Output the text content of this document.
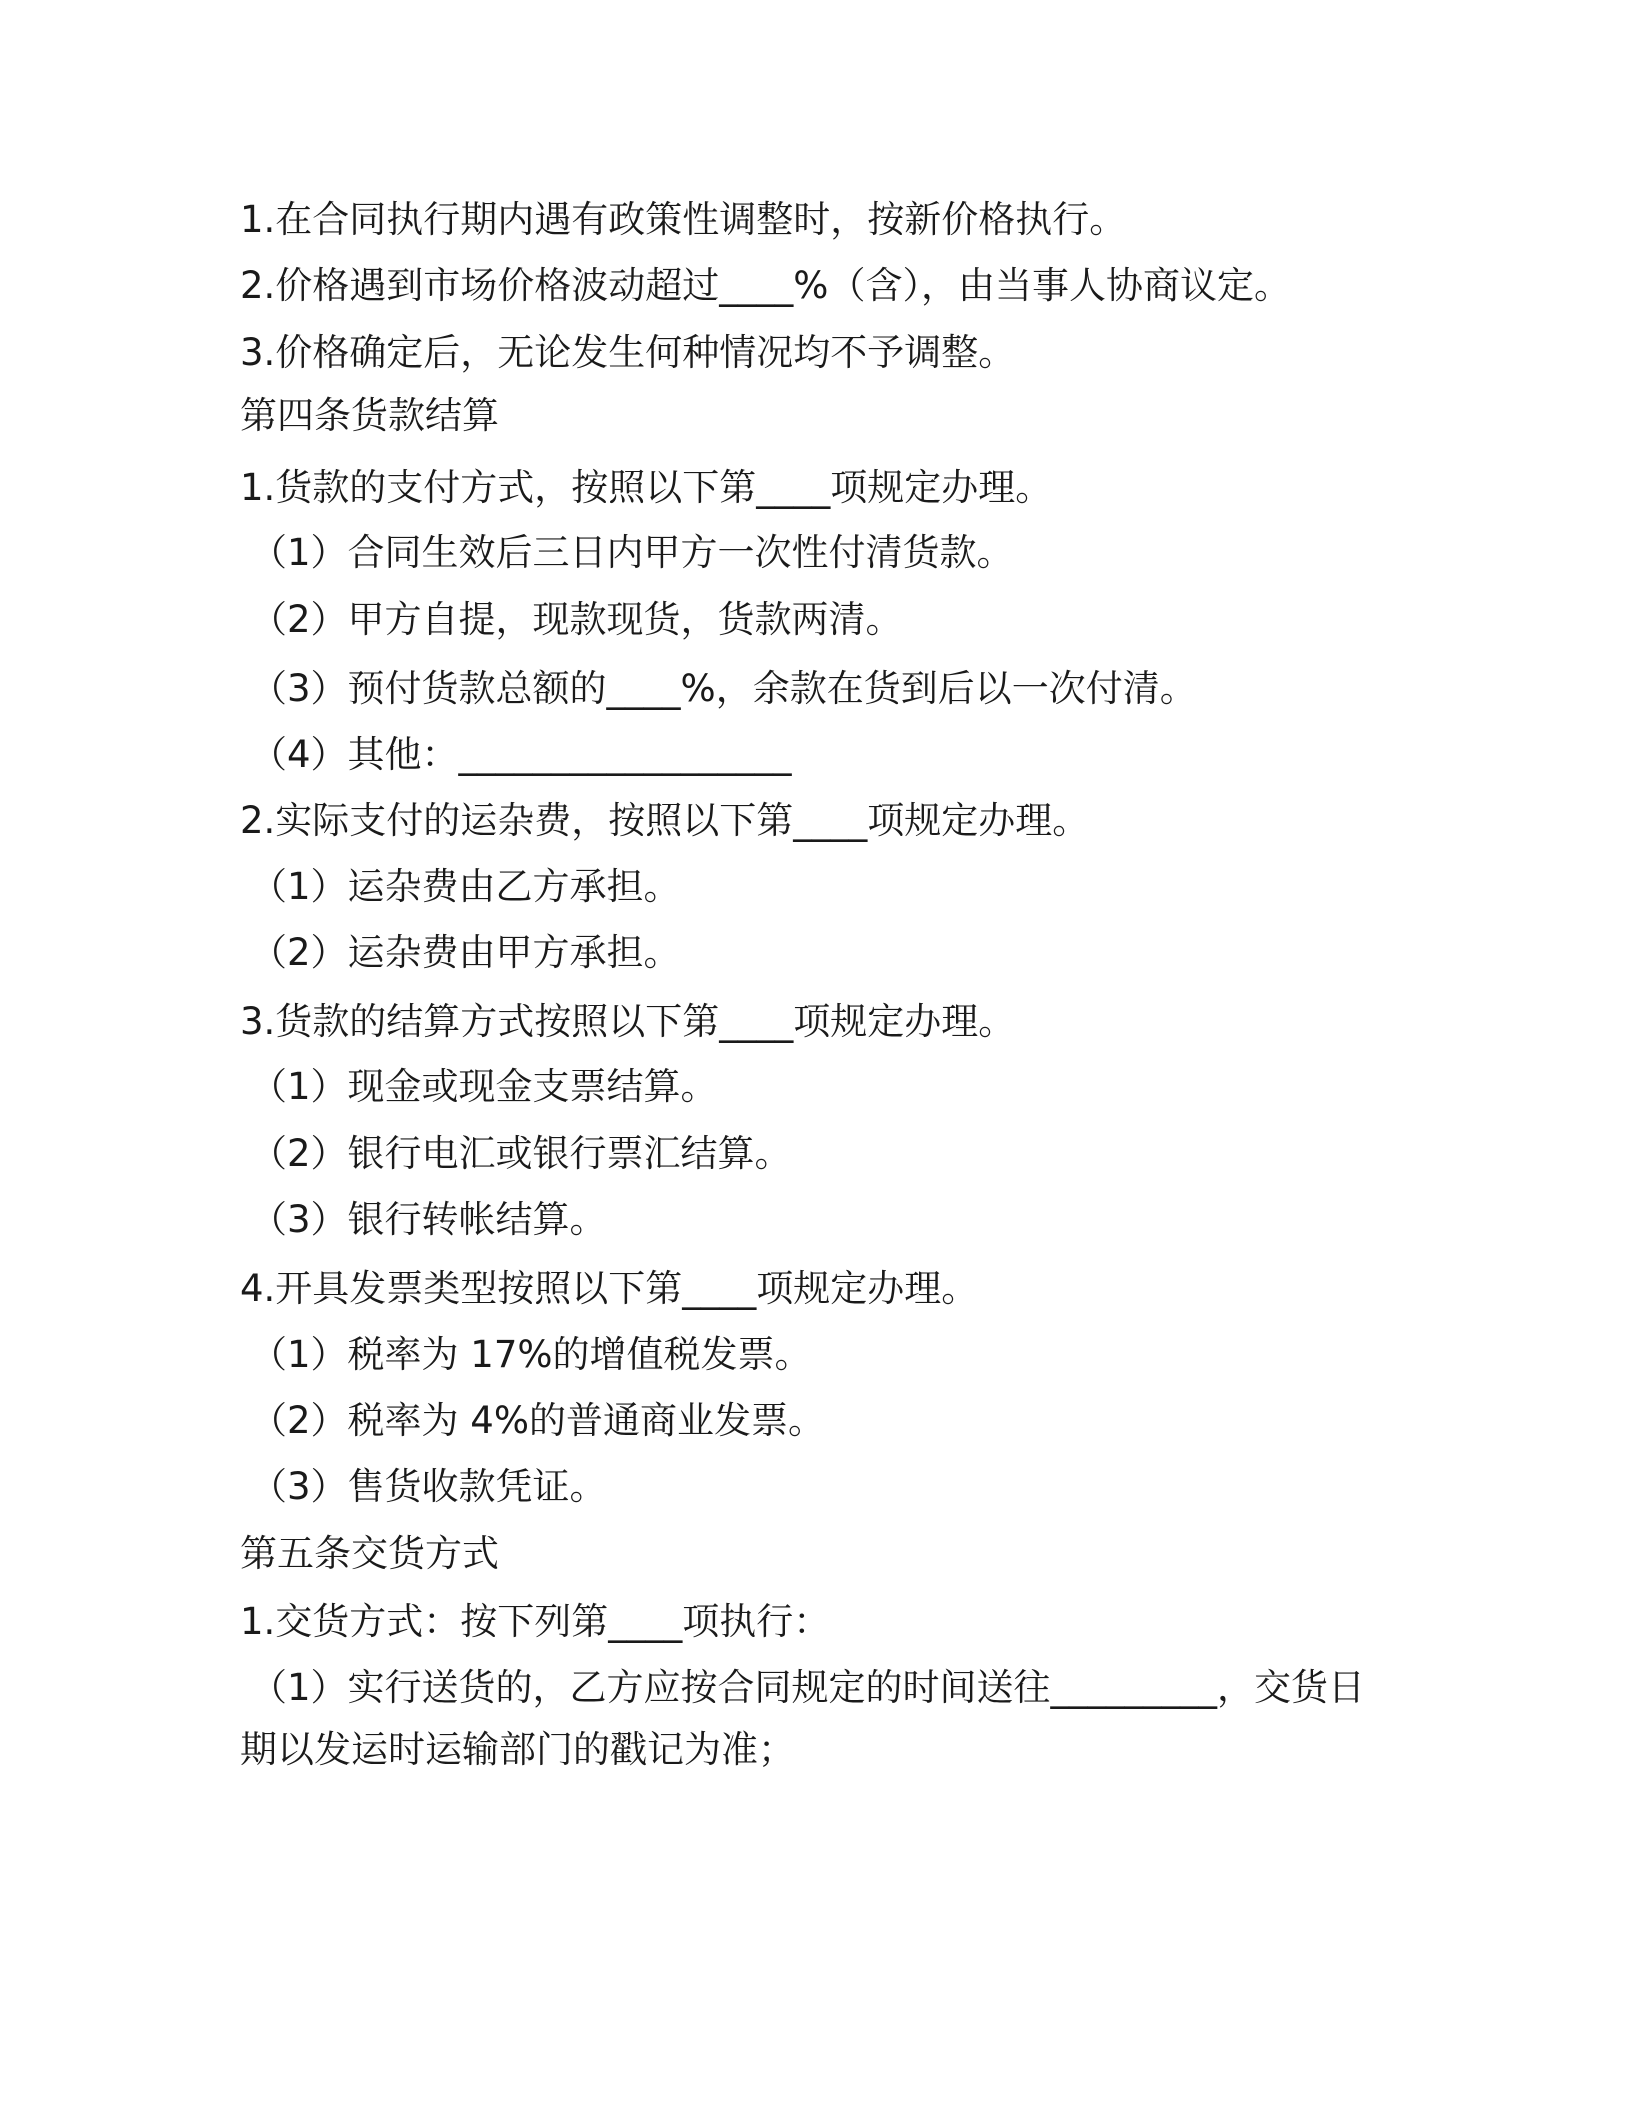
1.在合同执行期内遇有政策性调整时，按新价格执行。
2.价格遇到市场价格波动超过____%（含），由当事人协商议定。
3.价格确定后，无论发生何种情况均不予调整。
第四条货款结算
1.货款的支付方式，按照以下第____项规定办理。
（1）合同生效后三日内甲方一次性付清货款。
（2）甲方自提，现款现货，货款两清。
（3）预付货款总额的____%，余款在货到后以一次付清。
（4）其他：__________________
2.实际支付的运杂费，按照以下第____项规定办理。
（1）运杂费由乙方承担。
（2）运杂费由甲方承担。
3.货款的结算方式按照以下第____项规定办理。
（1）现金或现金支票结算。
（2）银行电汇或银行票汇结算。
（3）银行转帐结算。
4.开具发票类型按照以下第____项规定办理。
（1）税率为 17%的增值税发票。
（2）税率为 4%的普通商业发票。
（3）售货收款凭证。
第五条交货方式
1.交货方式：按下列第____项执行：
（1）实行送货的，乙方应按合同规定的时间送往_________，交货日
期以发运时运输部门的戳记为准；
